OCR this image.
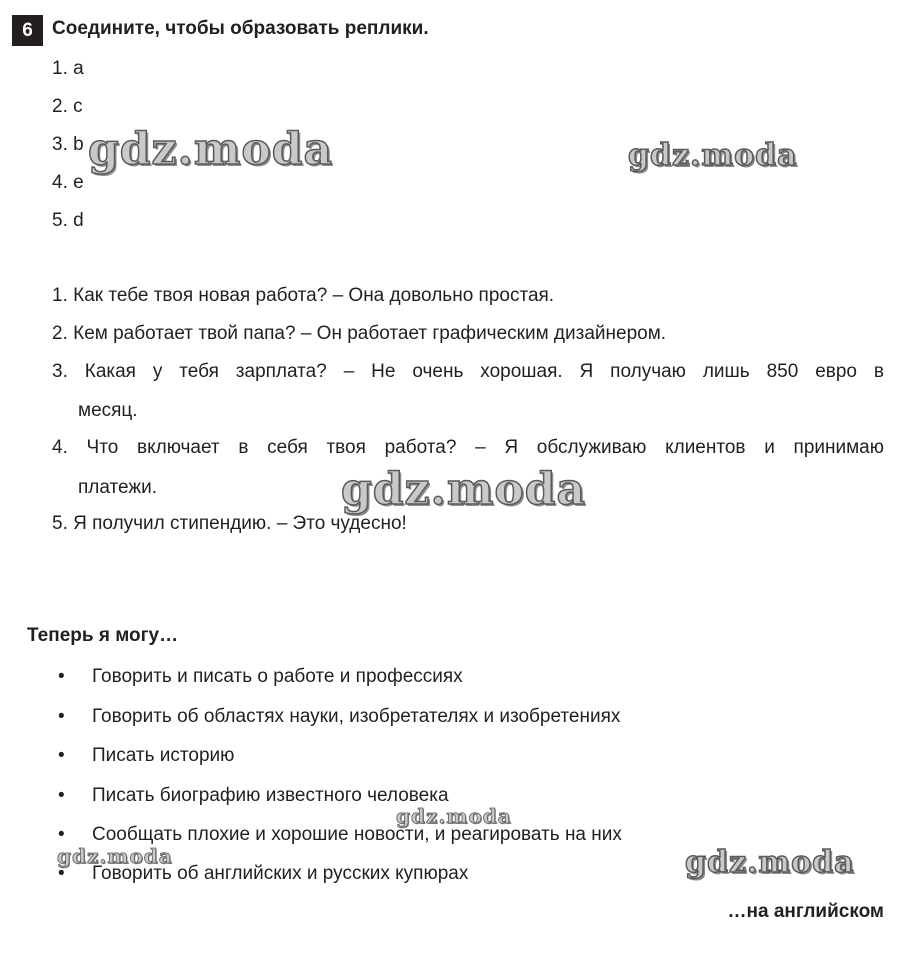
6	Соедините, чтобы образовать реплики.
1. a
2. c
3. b
4. e
5. d
1. Как тебе твоя новая работа? – Она довольно простая.
2. Кем работает твой папа? – Он работает графическим дизайнером.
3. Какая у тебя зарплата? – Не очень хорошая. Я получаю лишь 850 евро в
месяц.
4. Что включает в себя твоя работа? – Я обслуживаю клиентов и принимаю
платежи.
5. Я получил стипендию. – Это чудесно!
Теперь я могу…
• Говорить и писать о работе и профессиях
• Говорить об областях науки, изобретателях и изобретениях
• Писать историю
• Писать биографию известного человека
• Сообщать плохие и хорошие новости, и реагировать на них
• Говорить об английских и русских купюрах
…на английском
gdz.moda	gdz.moda
gdz.moda
gdz.moda
gdz.moda	gdz.moda
